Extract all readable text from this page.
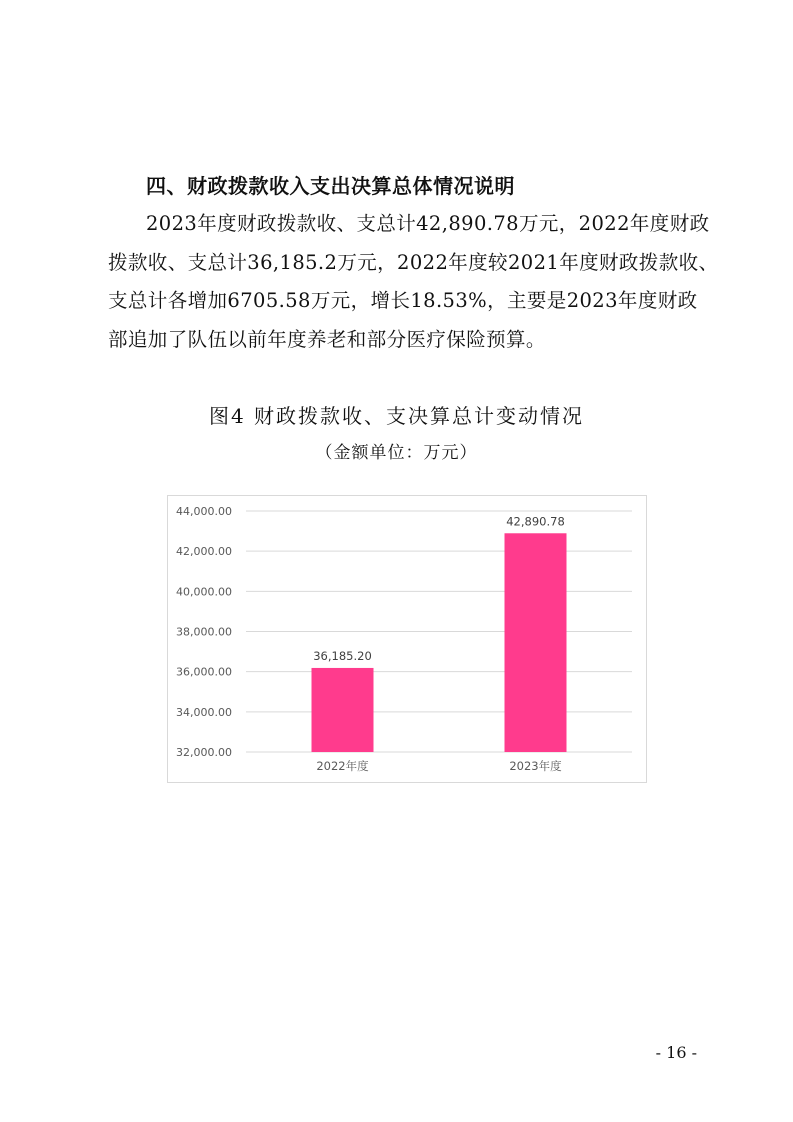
四、财政拨款收入支出决算总体情况说明
2023年度财政拨款收、支总计42,890.78万元，2022年度财政
拨款收、支总计36,185.2万元，2022年度较2021年度财政拨款收、
支总计各增加6705.58万元，增长18.53%，主要是2023年度财政
部追加了队伍以前年度养老和部分医疗保险预算。
图4 财政拨款收、支决算总计变动情况
（金额单位：万元）
32,000.00
34,000.00
36,000.00
38,000.00
40,000.00
42,000.00
44,000.00
36,185.20
2022年度
42,890.78
2023年度
- 16 -
